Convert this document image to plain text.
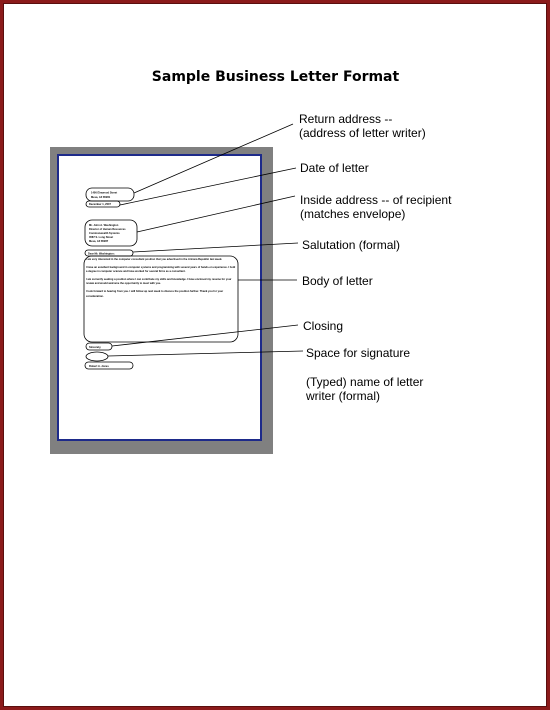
Sample Business Letter Format
1400 Elmwood Street
Mesa, AZ 85281
December 1, 2007
Mr. John A. Washington
Director of Human Resources
Commonwealth Systems
3587 S. Long Street
Mesa, AZ 85287
Dear Mr. Washington:

I am very interested in the computer consultant position that you advertised in the Arizona Republic last week.

I have an excellent background in computer systems and programming with several years of hands-on experience. I hold a degree in computer science and have worked for several firms as a consultant.

I am currently seeking a position where I can contribute my skills and knowledge. I have enclosed my resume for your review and would welcome the opportunity to meet with you.

I look forward to hearing from you. I will follow up next week to discuss the position further. Thank you for your consideration.

Sincerely,
Robert A. Jones
Return address --
(address of letter writer)
Date of letter
Inside address -- of recipient
(matches envelope)
Salutation (formal)
Body of letter
Closing
Space for signature
(Typed) name of letter
writer (formal)
